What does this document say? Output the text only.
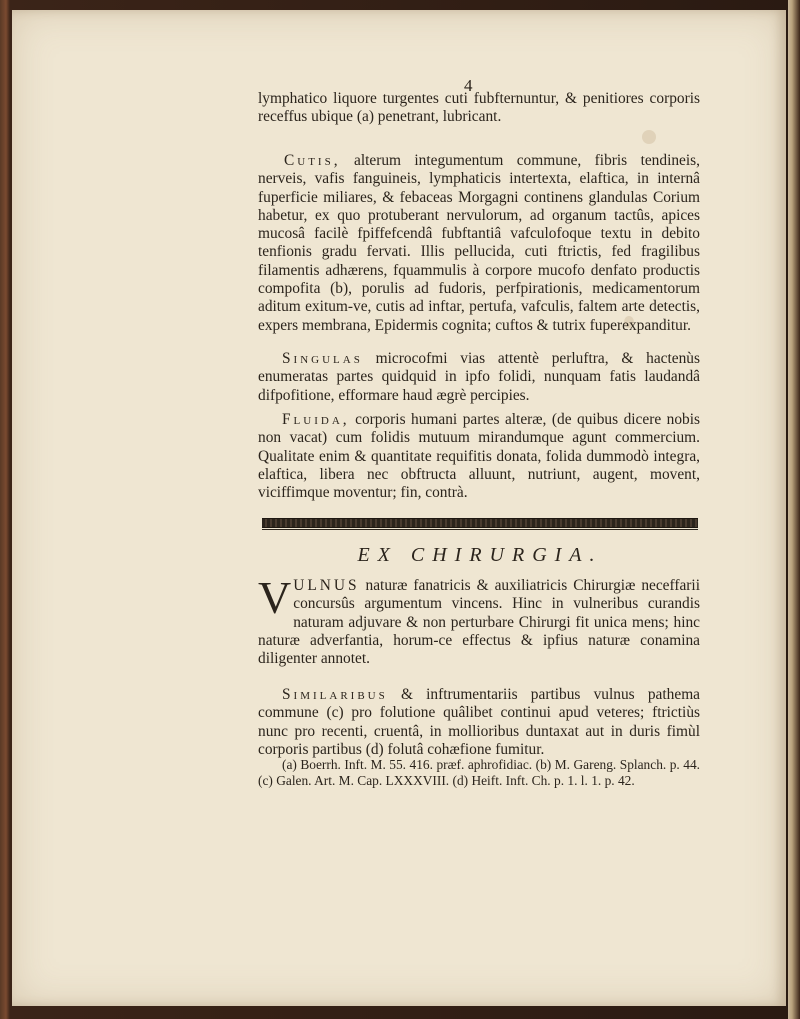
4

lymphatico liquore turgentes cuti fubfternuntur, & penitiores corporis receffus ubique (a) penetrant, lubricant.

Cutis, alterum integumentum commune, fibris tendineis, nerveis, vafis fanguineis, lymphaticis intertexta, elaftica, in internâ fuperficie miliares, & febaceas Morgagni continens glandulas Corium habetur, ex quo protuberant nervulorum, ad organum tactûs, apices mucosâ facilè fpiffefcendâ fubftantiâ vafculofoque textu in debito tenfionis gradu fervati. Illis pellucida, cuti ftrictis, fed fragilibus filamentis adhærens, fquammulis à corpore mucofo denfato productis compofita (b), porulis ad fudoris, perfpirationis, medicamentorum aditum exitum-ve, cutis ad inftar, pertufa, vafculis, faltem arte detectis, expers membrana, Epidermis cognita; cuftos & tutrix fuperexpanditur.

Singulas microcofmi vias attentè perluftra, & hactenùs enumeratas partes quidquid in ipfo folidi, nunquam fatis laudandâ difpofitione, efformare haud ægrè percipies.

Fluida, corporis humani partes alteræ, (de quibus dicere nobis non vacat) cum folidis mutuum mirandumque agunt commercium. Qualitate enim & quantitate requifitis donata, folida dummodò integra, elaftica, libera nec obftructa alluunt, nutriunt, augent, movent, viciffimque moventur; fin, contrà.

EX CHIRURGIA.

VULNUS naturæ fanatricis & auxiliatricis Chirurgiæ neceffarii concursûs argumentum vincens. Hinc in vulneribus curandis naturam adjuvare & non perturbare Chirurgi fit unica mens; hinc naturæ adverfantia, horum-ce effectus & ipfius naturæ conamina diligenter annotet.

Similaribus & inftrumentariis partibus vulnus pathema commune (c) pro folutione quâlibet continui apud veteres; ftrictiùs nunc pro recenti, cruentâ, in mollioribus duntaxat aut in duris fimùl corporis partibus (d) folutâ cohæfione fumitur.

(a) Boerrh. Inft. M. 55. 416. præf. aphrofidiac. (b) M. Gareng. Splanch. p. 44. (c) Galen. Art. M. Cap. LXXXVIII. (d) Heift. Inft. Ch. p. 1. l. 1. p. 42.
